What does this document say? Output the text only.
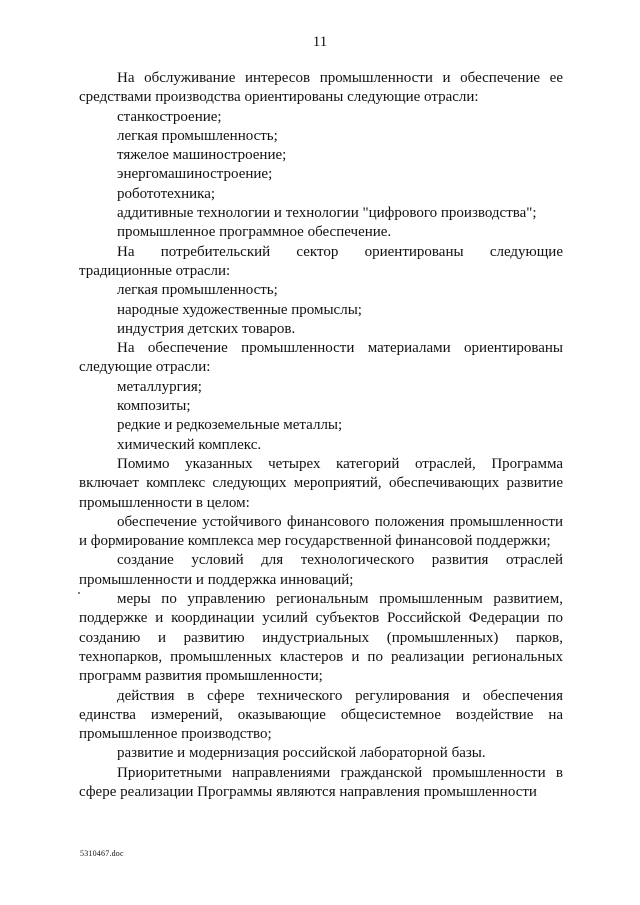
11

На обслуживание интересов промышленности и обеспечение ее средствами производства ориентированы следующие отрасли:

станкостроение;

легкая промышленность;

тяжелое машиностроение;

энергомашиностроение;

робототехника;

аддитивные технологии и технологии "цифрового производства";

промышленное программное обеспечение.

На потребительский сектор ориентированы следующие традиционные отрасли:

легкая промышленность;

народные художественные промыслы;

индустрия детских товаров.

На обеспечение промышленности материалами ориентированы следующие отрасли:

металлургия;

композиты;

редкие и редкоземельные металлы;

химический комплекс.

Помимо указанных четырех категорий отраслей, Программа включает комплекс следующих мероприятий, обеспечивающих развитие промышленности в целом:

обеспечение устойчивого финансового положения промышленности и формирование комплекса мер государственной финансовой поддержки;

создание условий для технологического развития отраслей промышленности и поддержка инноваций;

меры по управлению региональным промышленным развитием, поддержке и координации усилий субъектов Российской Федерации по созданию и развитию индустриальных (промышленных) парков, технопарков, промышленных кластеров и по реализации региональных программ развития промышленности;

действия в сфере технического регулирования и обеспечения единства измерений, оказывающие общесистемное воздействие на промышленное производство;

развитие и модернизация российской лабораторной базы.

Приоритетными направлениями гражданской промышленности в сфере реализации Программы являются направления промышленности

5310467.doc
